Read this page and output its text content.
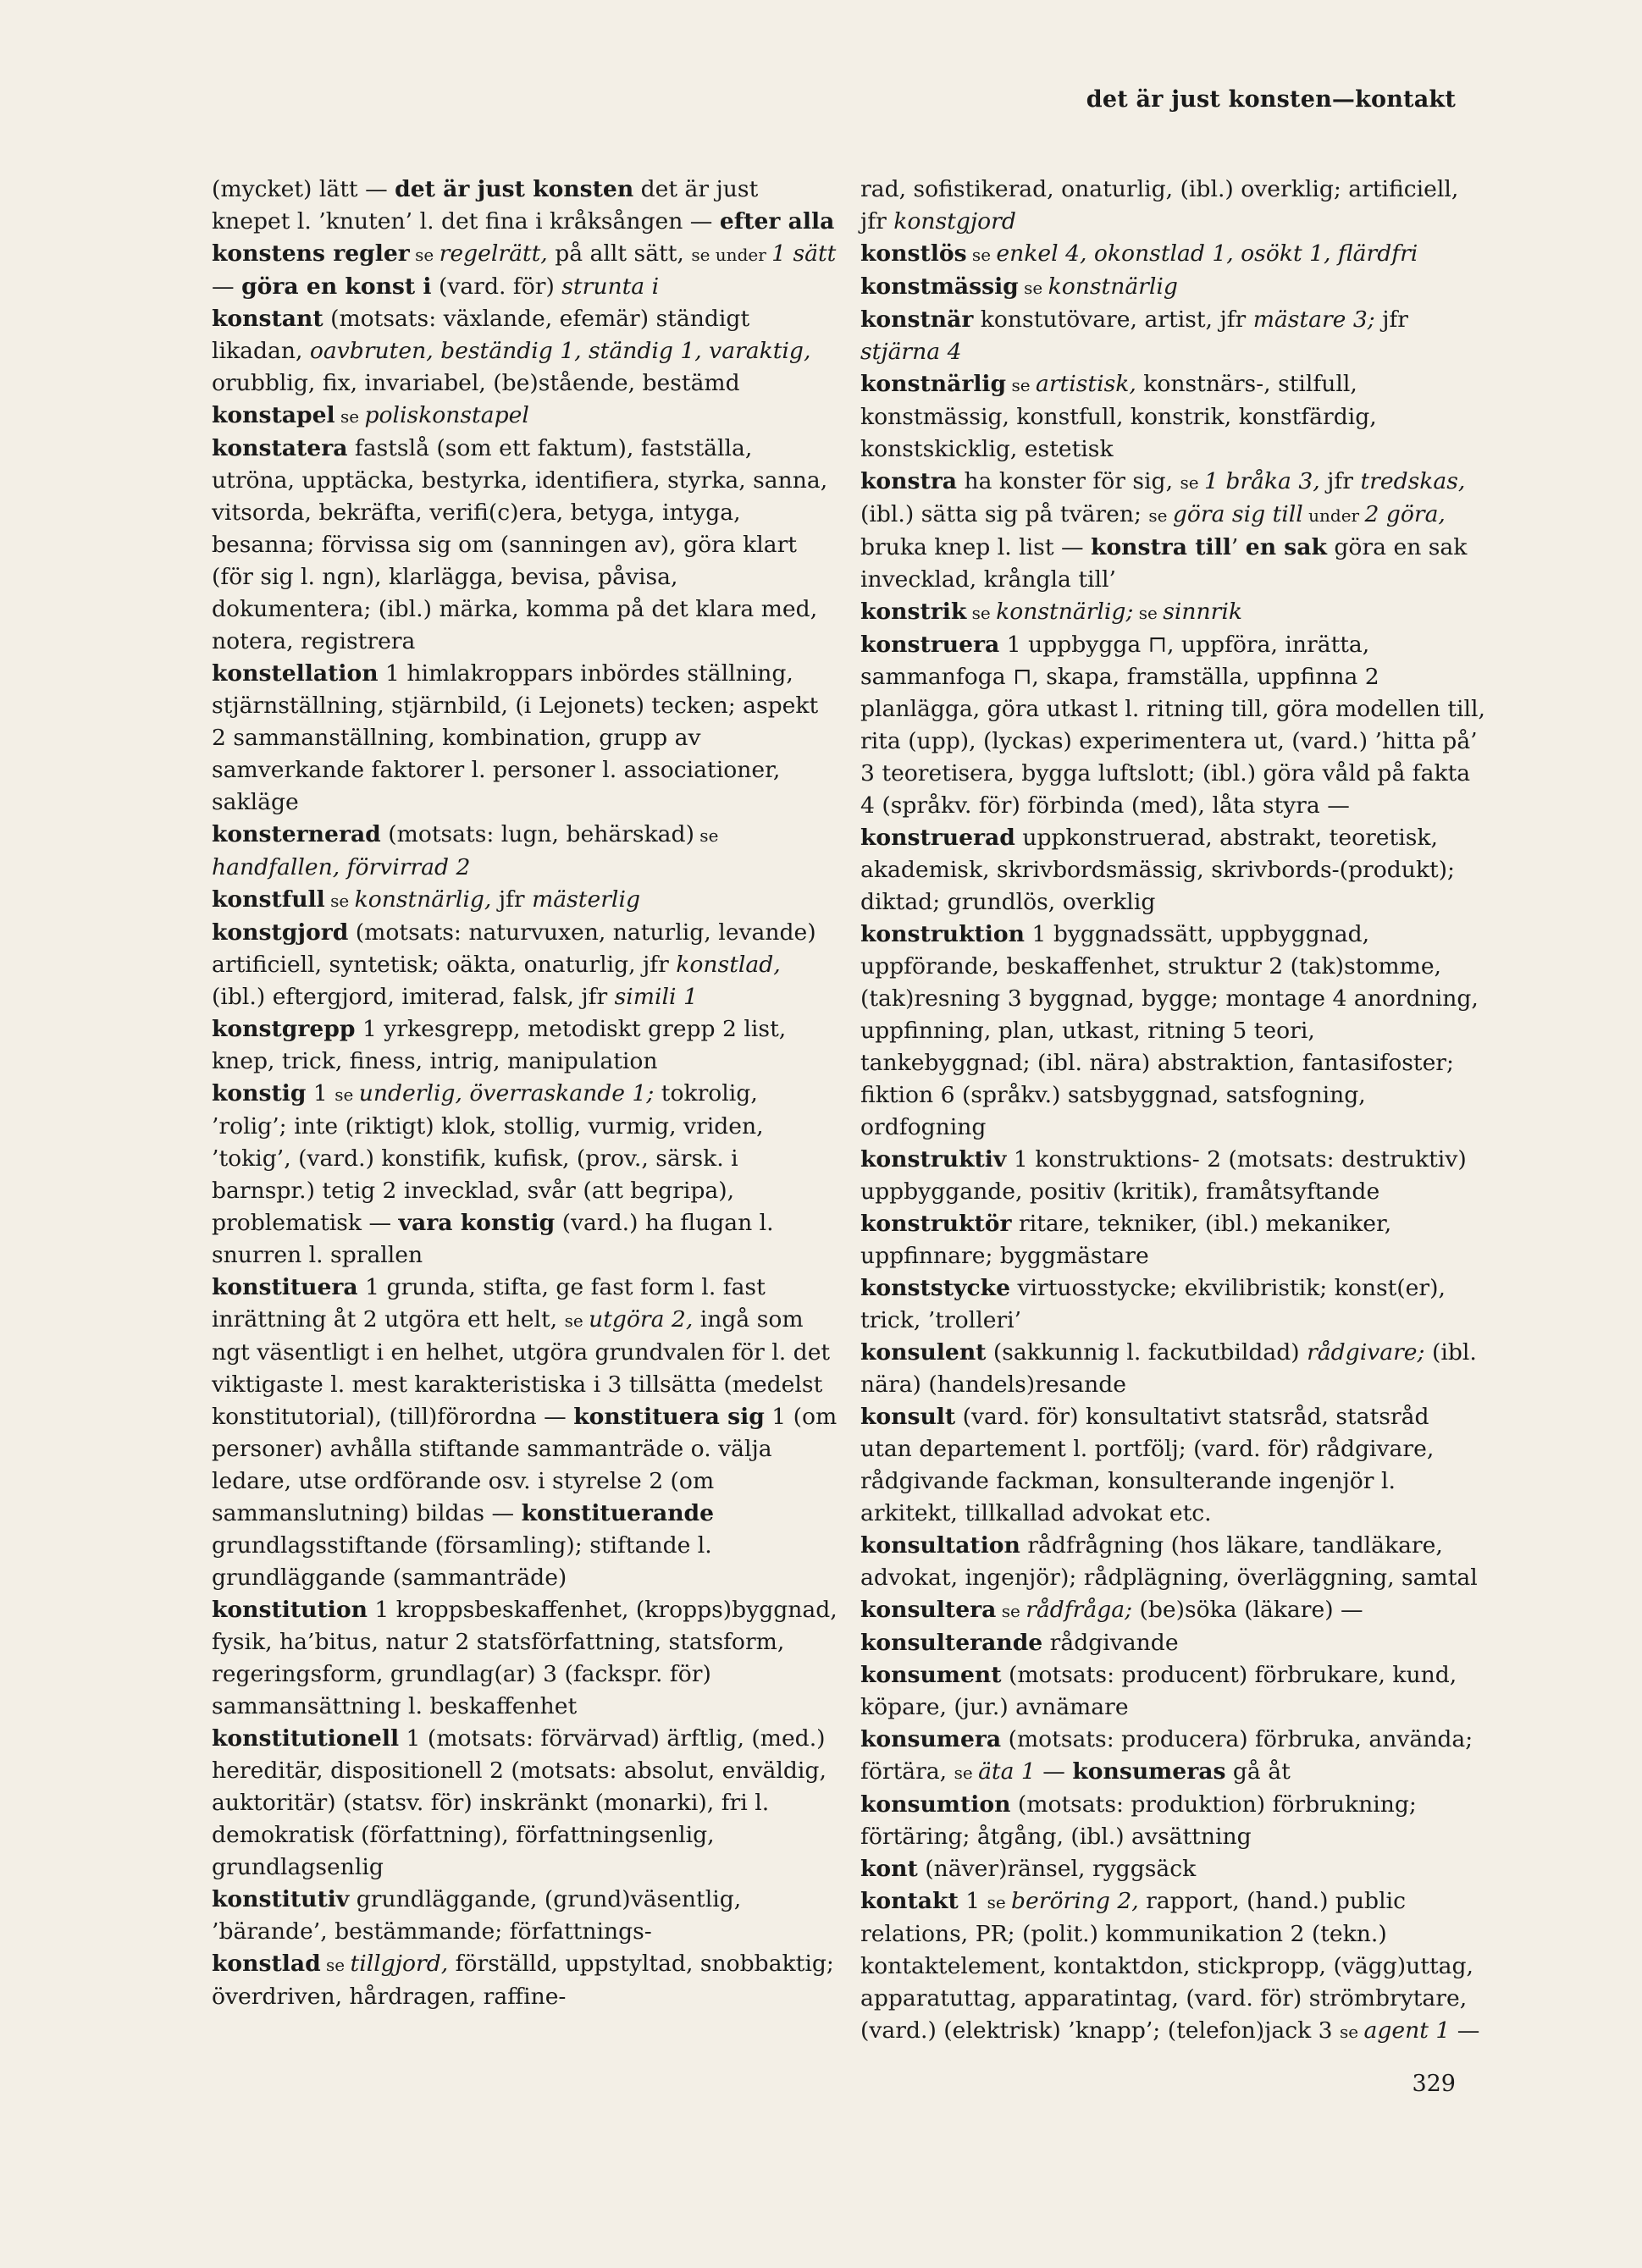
det är just konsten—kontakt

(mycket) lätt — det är just konsten det är just knepet l. ’knuten’ l. det fina i kråksången — efter alla konstens regler se regelrätt, på allt sätt, se under 1 sätt — göra en konst i (vard. för) strunta i

konstant (motsats: växlande, efemär) ständigt likadan, oavbruten, beständig 1, ständig 1, varaktig, orubblig, fix, invariabel, (be)stående, bestämd

konstapel se poliskonstapel

konstatera fastslå (som ett faktum), fastställa, utröna, upptäcka, bestyrka, identifiera, styrka, sanna, vitsorda, bekräfta, verifi(c)era, betyga, intyga, besanna; förvissa sig om (sanningen av), göra klart (för sig l. ngn), klarlägga, bevisa, påvisa, dokumentera; (ibl.) märka, komma på det klara med, notera, registrera

konstellation 1 himlakroppars inbördes ställning, stjärnställning, stjärnbild, (i Lejonets) tecken; aspekt 2 sammanställning, kombination, grupp av samverkande faktorer l. personer l. associationer, sakläge

konsternerad (motsats: lugn, behärskad) se handfallen, förvirrad 2

konstfull se konstnärlig, jfr mästerlig

konstgjord (motsats: naturvuxen, naturlig, levande) artificiell, syntetisk; oäkta, onaturlig, jfr konstlad, (ibl.) eftergjord, imiterad, falsk, jfr simili 1

konstgrepp 1 yrkesgrepp, metodiskt grepp 2 list, knep, trick, finess, intrig, manipulation

konstig 1 se underlig, överraskande 1; tokrolig, ’rolig’; inte (riktigt) klok, stollig, vurmig, vriden, ’tokig’, (vard.) konstifik, kufisk, (prov., särsk. i barnspr.) tetig 2 invecklad, svår (att begripa), problematisk — vara konstig (vard.) ha flugan l. snurren l. sprallen

konstituera 1 grunda, stifta, ge fast form l. fast inrättning åt 2 utgöra ett helt, se utgöra 2, ingå som ngt väsentligt i en helhet, utgöra grundvalen för l. det viktigaste l. mest karakteristiska i 3 tillsätta (medelst konstitutorial), (till)förordna — konstituera sig 1 (om personer) avhålla stiftande sammanträde o. välja ledare, utse ordförande osv. i styrelse 2 (om sammanslutning) bildas — konstituerande grundlagsstiftande (församling); stiftande l. grundläggande (sammanträde)

konstitution 1 kroppsbeskaffenhet, (kropps)byggnad, fysik, ha’bitus, natur 2 statsförfattning, statsform, regeringsform, grundlag(ar) 3 (fackspr. för) sammansättning l. beskaffenhet

konstitutionell 1 (motsats: förvärvad) ärftlig, (med.) hereditär, dispositionell 2 (motsats: absolut, enväldig, auktoritär) (statsv. för) inskränkt (monarki), fri l. demokratisk (författning), författningsenlig, grundlagsenlig

konstitutiv grundläggande, (grund)väsentlig, ’bärande’, bestämmande; författnings-

konstlad se tillgjord, förställd, uppstyltad, snobbaktig; överdriven, hårdragen, raffine-

rad, sofistikerad, onaturlig, (ibl.) overklig; artificiell, jfr konstgjord

konstlös se enkel 4, okonstlad 1, osökt 1, flärdfri

konstmässig se konstnärlig

konstnär konstutövare, artist, jfr mästare 3; jfr stjärna 4

konstnärlig se artistisk, konstnärs-, stilfull, konstmässig, konstfull, konstrik, konstfärdig, konstskicklig, estetisk

konstra ha konster för sig, se 1 bråka 3, jfr tredskas, (ibl.) sätta sig på tvären; se göra sig till under 2 göra, bruka knep l. list — konstra till’ en sak göra en sak invecklad, krångla till’

konstrik se konstnärlig; se sinnrik

konstruera 1 uppbygga ⊓, uppföra, inrätta, sammanfoga ⊓, skapa, framställa, uppfinna 2 planlägga, göra utkast l. ritning till, göra modellen till, rita (upp), (lyckas) experimentera ut, (vard.) ’hitta på’ 3 teoretisera, bygga luftslott; (ibl.) göra våld på fakta 4 (språkv. för) förbinda (med), låta styra — konstruerad uppkonstruerad, abstrakt, teoretisk, akademisk, skrivbordsmässig, skrivbords-(produkt); diktad; grundlös, overklig

konstruktion 1 byggnadssätt, uppbyggnad, uppförande, beskaffenhet, struktur 2 (tak)stomme, (tak)resning 3 byggnad, bygge; montage 4 anordning, uppfinning, plan, utkast, ritning 5 teori, tankebyggnad; (ibl. nära) abstraktion, fantasifoster; fiktion 6 (språkv.) satsbyggnad, satsfogning, ordfogning

konstruktiv 1 konstruktions- 2 (motsats: destruktiv) uppbyggande, positiv (kritik), framåtsyftande

konstruktör ritare, tekniker, (ibl.) mekaniker, uppfinnare; byggmästare

konststycke virtuosstycke; ekvilibristik; konst(er), trick, ’trolleri’

konsulent (sakkunnig l. fackutbildad) rådgivare; (ibl. nära) (handels)resande

konsult (vard. för) konsultativt statsråd, statsråd utan departement l. portfölj; (vard. för) rådgivare, rådgivande fackman, konsulterande ingenjör l. arkitekt, tillkallad advokat etc.

konsultation rådfrågning (hos läkare, tandläkare, advokat, ingenjör); rådplägning, överläggning, samtal

konsultera se rådfråga; (be)söka (läkare) — konsulterande rådgivande

konsument (motsats: producent) förbrukare, kund, köpare, (jur.) avnämare

konsumera (motsats: producera) förbruka, använda; förtära, se äta 1 — konsumeras gå åt

konsumtion (motsats: produktion) förbrukning; förtäring; åtgång, (ibl.) avsättning

kont (näver)ränsel, ryggsäck

kontakt 1 se beröring 2, rapport, (hand.) public relations, PR; (polit.) kommunikation 2 (tekn.) kontaktelement, kontaktdon, stickpropp, (vägg)uttag, apparatuttag, apparatintag, (vard. för) strömbrytare, (vard.) (elektrisk) ’knapp’; (telefon)jack 3 se agent 1 —

329
